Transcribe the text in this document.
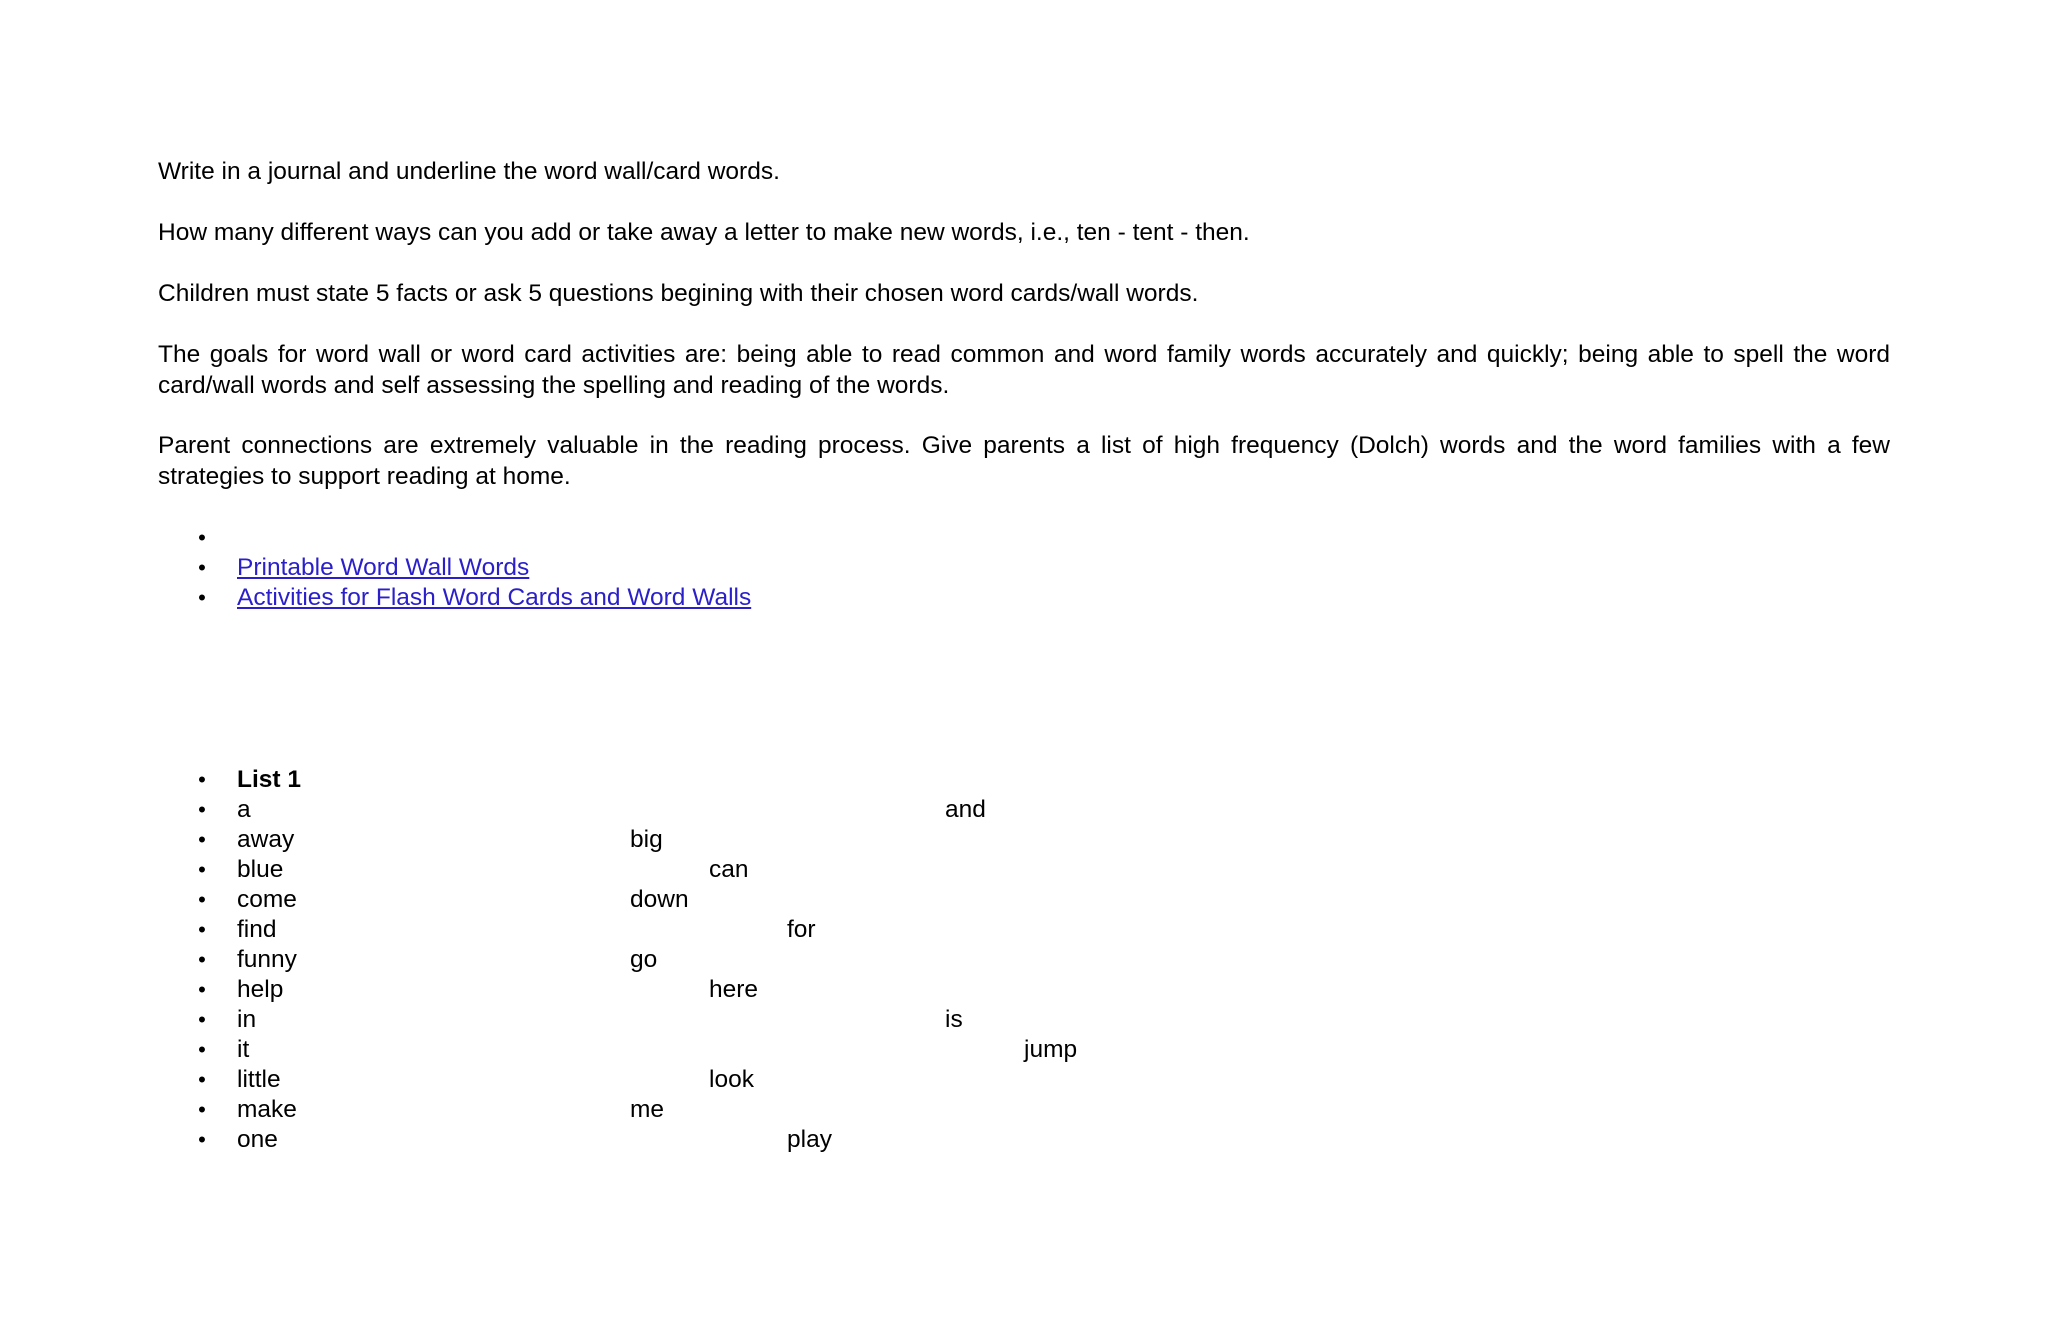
Write in a journal and underline the word wall/card words.

How many different ways can you add or take away a letter to make new words, i.e., ten - tent - then.

Children must state 5 facts or ask 5 questions begining with their chosen word cards/wall words.

The goals for word wall or word card activities are: being able to read common and word family words accurately and quickly; being able to spell the word card/wall words and self assessing the spelling and reading of the words.

Parent connections are extremely valuable in the reading process. Give parents a list of high frequency (Dolch) words and the word families with a few strategies to support reading at home.

•
• Printable Word Wall Words
• Activities for Flash Word Cards and Word Walls
• List 1
• a	and
• away	big
• blue	can
• come	down
• find	for
• funny	go
• help	here
• in	is
• it	jump
• little	look
• make	me
• one	play
